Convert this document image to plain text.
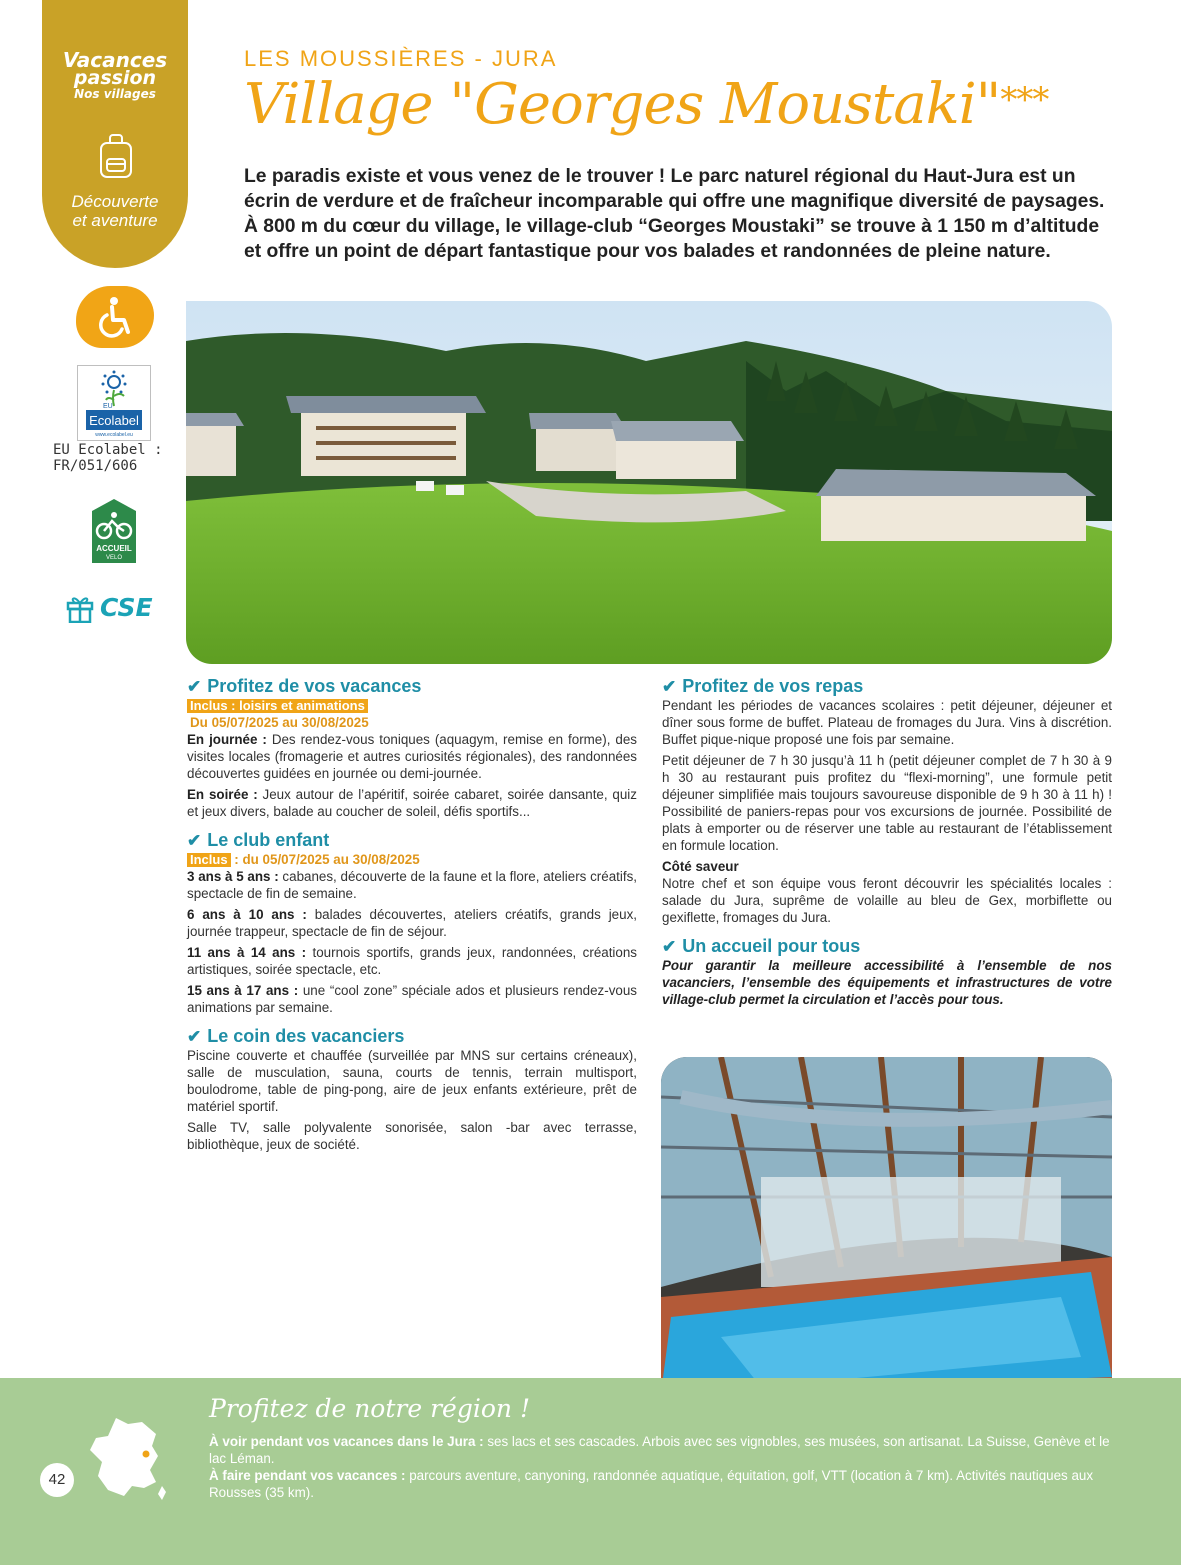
Vacances
passion
Nos villages
Découverte
et aventure
EU
Ecolabel
www.ecolabel.eu
EU Ecolabel : FR/051/606
ACCUEIL
VELO
CSE
LES MOUSSIÈRES - JURA
Village "Georges Moustaki"***
Le paradis existe et vous venez de le trouver ! Le parc naturel régional du Haut-Jura est un écrin de verdure et de fraîcheur incomparable qui offre une magnifique diversité de paysages. À 800 m du cœur du village, le village-club “Georges Moustaki” se trouve à 1 150 m d’altitude et offre un point de départ fantastique pour vos balades et randonnées de pleine nature.
✔ Profitez de vos vacances
Inclus : loisirs et animations
Du 05/07/2025 au 30/08/2025

En journée : Des rendez-vous toniques (aquagym, remise en forme), des visites locales (fromagerie et autres curiosités régionales), des randonnées découvertes guidées en journée ou demi-journée.

En soirée : Jeux autour de l’apéritif, soirée cabaret, soirée dansante, quiz et jeux divers, balade au coucher de soleil, défis sportifs...

✔ Le club enfant
Inclus : du 05/07/2025 au 30/08/2025

3 ans à 5 ans : cabanes, découverte de la faune et la flore, ateliers créatifs, spectacle de fin de semaine.

6 ans à 10 ans : balades découvertes, ateliers créatifs, grands jeux, journée trappeur, spectacle de fin de séjour.

11 ans à 14 ans : tournois sportifs, grands jeux, randonnées, créations artistiques, soirée spectacle, etc.

15 ans à 17 ans : une “cool zone” spéciale ados et plusieurs rendez-vous animations par semaine.

✔ Le coin des vacanciers

Piscine couverte et chauffée (surveillée par MNS sur certains créneaux), salle de musculation, sauna, courts de tennis, terrain multisport, boulodrome, table de ping-pong, aire de jeux enfants extérieure, prêt de matériel sportif.

Salle TV, salle polyvalente sonorisée, salon -bar avec terrasse, bibliothèque, jeux de société.

✔ Profitez de vos repas

Pendant les périodes de vacances scolaires : petit déjeuner, déjeuner et dîner sous forme de buffet. Plateau de fromages du Jura. Vins à discrétion. Buffet pique-nique proposé une fois par semaine.

Petit déjeuner de 7 h 30 jusqu’à 11 h (petit déjeuner complet de 7 h 30 à 9 h 30 au restaurant puis profitez du “flexi-morning”, une formule petit déjeuner simplifiée mais toujours savoureuse disponible de 9 h 30 à 11 h) ! Possibilité de paniers-repas pour vos excursions de journée. Possibilité de plats à emporter ou de réserver une table au restaurant de l’établissement en formule location.

Côté saveur

Notre chef et son équipe vous feront découvrir les spécialités locales : salade du Jura, suprême de volaille au bleu de Gex, morbiflette ou gexiflette, fromages du Jura.

✔ Un accueil pour tous

Pour garantir la meilleure accessibilité à l’ensemble de nos vacanciers, l’ensemble des équipements et infrastructures de votre village-club permet la circulation et l’accès pour tous.

Profitez de notre région !
À voir pendant vos vacances dans le Jura : ses lacs et ses cascades. Arbois avec ses vignobles, ses musées, son artisanat. La Suisse, Genève et le lac Léman.
À faire pendant vos vacances : parcours aventure, canyoning, randonnée aquatique, équitation, golf, VTT (location à 7 km). Activités nautiques aux Rousses (35 km).
42
